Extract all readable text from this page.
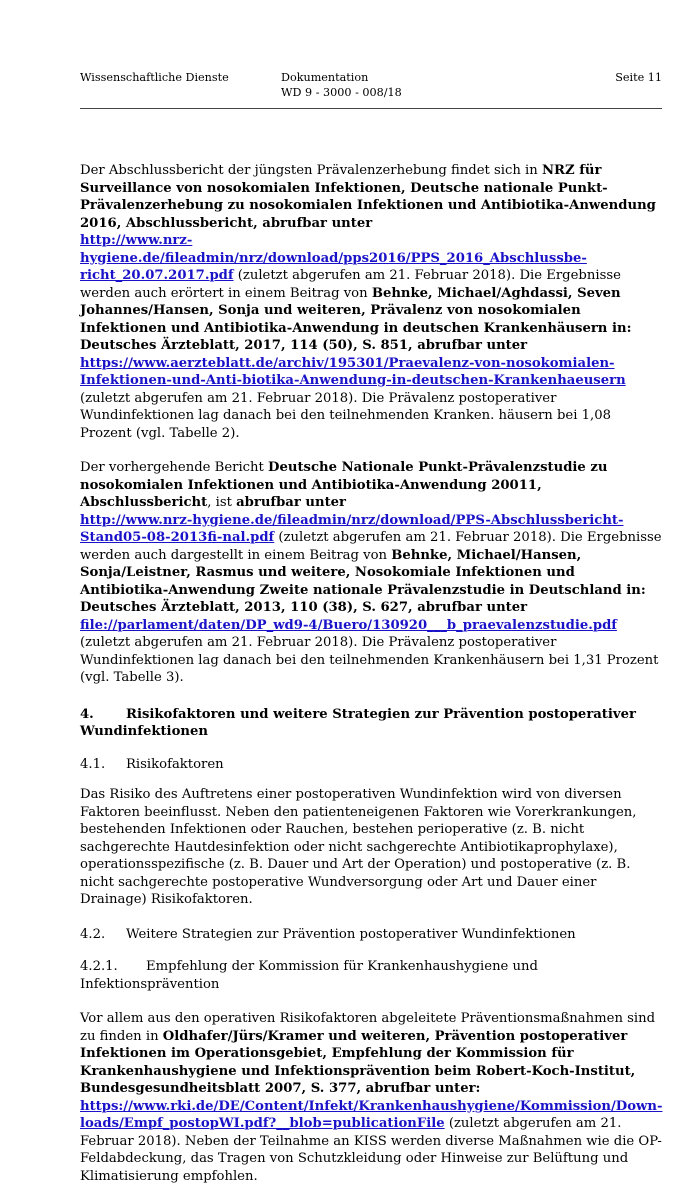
Wissenschaftliche Dienste	Dokumentation
WD 9 - 3000 - 008/18
Seite 11

Der Abschlussbericht der jüngsten Prävalenzerhebung findet sich in NRZ für Surveillance von nosokomialen Infektionen, Deutsche nationale Punkt-Prävalenzerhebung zu nosokomialen Infektionen und Antibiotika-Anwendung 2016, Abschlussbericht, abrufbar unter
http://www.nrz-hygiene.de/fileadmin/nrz/download/pps2016/PPS_2016_Abschlussbe-richt_20.07.2017.pdf (zuletzt abgerufen am 21. Februar 2018). Die Ergebnisse werden auch erörtert in einem Beitrag von Behnke, Michael/Aghdassi, Seven Johannes/Hansen, Sonja und weiteren, Prävalenz von nosokomialen Infektionen und Antibiotika-Anwendung in deutschen Krankenhäusern in: Deutsches Ärzteblatt, 2017, 114 (50), S. 851, abrufbar unter
https://www.aerzteblatt.de/archiv/195301/Praevalenz-von-nosokomialen-Infektionen-und-Anti-biotika-Anwendung-in-deutschen-Krankenhaeusern (zuletzt abgerufen am 21. Februar 2018). Die Prävalenz postoperativer Wundinfektionen lag danach bei den teilnehmenden Kranken. häusern bei 1,08 Prozent (vgl. Tabelle 2).

Der vorhergehende Bericht Deutsche Nationale Punkt-Prävalenzstudie zu nosokomialen Infektionen und Antibiotika-Anwendung 20011, Abschlussbericht, ist abrufbar unter
http://www.nrz-hygiene.de/fileadmin/nrz/download/PPS-Abschlussbericht-Stand05-08-2013fi-nal.pdf (zuletzt abgerufen am 21. Februar 2018). Die Ergebnisse werden auch dargestellt in einem Beitrag von Behnke, Michael/Hansen, Sonja/Leistner, Rasmus und weitere, Nosokomiale Infektionen und Antibiotika-Anwendung Zweite nationale Prävalenzstudie in Deutschland in: Deutsches Ärzteblatt, 2013, 110 (38), S. 627, abrufbar unter file://parlament/daten/DP_wd9-4/Buero/130920___b_praevalenzstudie.pdf (zuletzt abgerufen am 21. Februar 2018). Die Prävalenz postoperativer Wundinfektionen lag danach bei den teilnehmenden Krankenhäusern bei 1,31 Prozent (vgl. Tabelle 3).

4. Risikofaktoren und weitere Strategien zur Prävention postoperativer Wundinfektionen

4.1. Risikofaktoren

Das Risiko des Auftretens einer postoperativen Wundinfektion wird von diversen Faktoren beeinflusst. Neben den patienteneigenen Faktoren wie Vorerkrankungen, bestehenden Infektionen oder Rauchen, bestehen perioperative (z. B. nicht sachgerechte Hautdesinfektion oder nicht sachgerechte Antibiotikaprophylaxe), operationsspezifische (z. B. Dauer und Art der Operation) und postoperative (z. B. nicht sachgerechte postoperative Wundversorgung oder Art und Dauer einer Drainage) Risikofaktoren.

4.2. Weitere Strategien zur Prävention postoperativer Wundinfektionen

4.2.1. Empfehlung der Kommission für Krankenhaushygiene und Infektionsprävention

Vor allem aus den operativen Risikofaktoren abgeleitete Präventionsmaßnahmen sind zu finden in Oldhafer/Jürs/Kramer und weiteren, Prävention postoperativer Infektionen im Operationsgebiet, Empfehlung der Kommission für Krankenhaushygiene und Infektionsprävention beim Robert-Koch-Institut, Bundesgesundheitsblatt 2007, S. 377, abrufbar unter:
https://www.rki.de/DE/Content/Infekt/Krankenhaushygiene/Kommission/Down-loads/Empf_postopWI.pdf?__blob=publicationFile (zuletzt abgerufen am 21. Februar 2018). Neben der Teilnahme an KISS werden diverse Maßnahmen wie die OP-Feldabdeckung, das Tragen von Schutzkleidung oder Hinweise zur Belüftung und Klimatisierung empfohlen.
